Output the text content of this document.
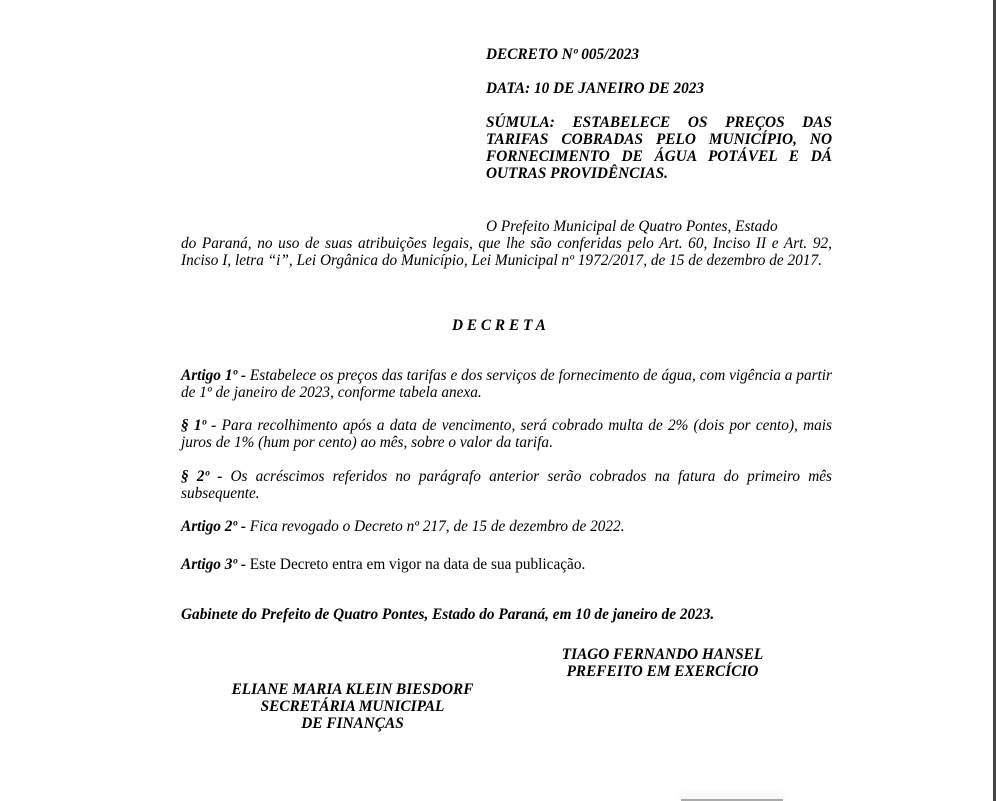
DECRETO Nº 005/2023
DATA: 10 DE JANEIRO DE 2023
SÚMULA: ESTABELECE OS PREÇOS DAS TARIFAS COBRADAS PELO MUNICÍPIO, NO FORNECIMENTO DE ÁGUA POTÁVEL E DÁ OUTRAS PROVIDÊNCIAS.
O Prefeito Municipal de Quatro Pontes, Estado
do Paraná, no uso de suas atribuições legais, que lhe são conferidas pelo Art. 60, Inciso II e Art. 92, Inciso I, letra “i”, Lei Orgânica do Município, Lei Municipal nº 1972/2017, de 15 de dezembro de 2017.
D E C R E T A
Artigo 1º - Estabelece os preços das tarifas e dos serviços de fornecimento de água, com vigência a partir de 1º de janeiro de 2023, conforme tabela anexa.
§ 1º - Para recolhimento após a data de vencimento, será cobrado multa de 2% (dois por cento), mais juros de 1% (hum por cento) ao mês, sobre o valor da tarifa.
§ 2º - Os acréscimos referidos no parágrafo anterior serão cobrados na fatura do primeiro mês subsequente.
Artigo 2º - Fica revogado o Decreto nº 217, de 15 de dezembro de 2022.
Artigo 3º - Este Decreto entra em vigor na data de sua publicação.
Gabinete do Prefeito de Quatro Pontes, Estado do Paraná, em 10 de janeiro de 2023.
TIAGO FERNANDO HANSEL
PREFEITO EM EXERCÍCIO
ELIANE MARIA KLEIN BIESDORF
SECRETÁRIA MUNICIPAL
DE FINANÇAS
